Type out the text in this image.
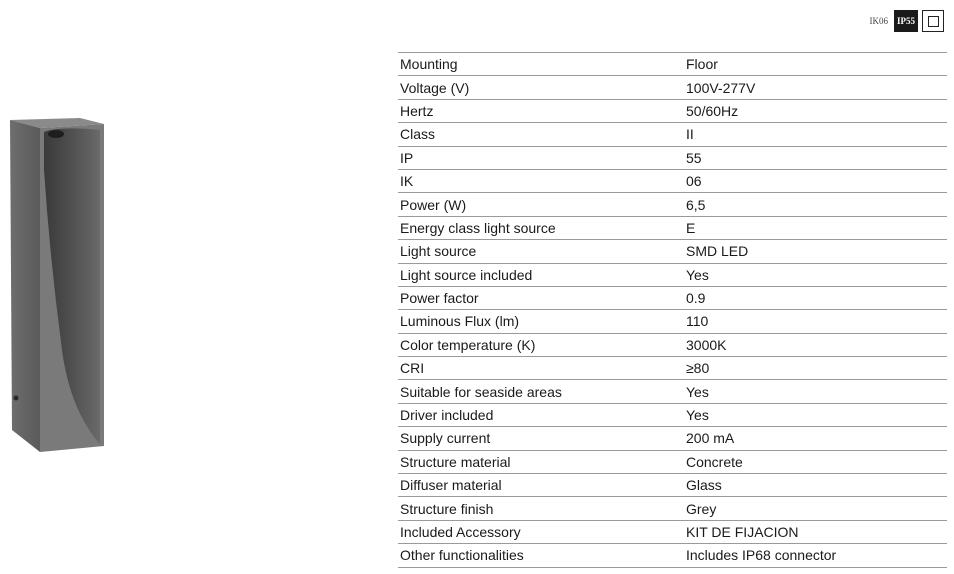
IK06	IP55
Mounting	Floor
Voltage (V)	100V-277V
Hertz	50/60Hz
Class	II
IP	55
IK	06
Power (W)	6,5
Energy class light source	E
Light source	SMD LED
Light source included	Yes
Power factor	0.9
Luminous Flux (lm)	110
Color temperature (K)	3000K
CRI	≥80
Suitable for seaside areas	Yes
Driver included	Yes
Supply current	200 mA
Structure material	Concrete
Diffuser material	Glass
Structure finish	Grey
Included Accessory	KIT DE FIJACION
Other functionalities	Includes IP68 connector
